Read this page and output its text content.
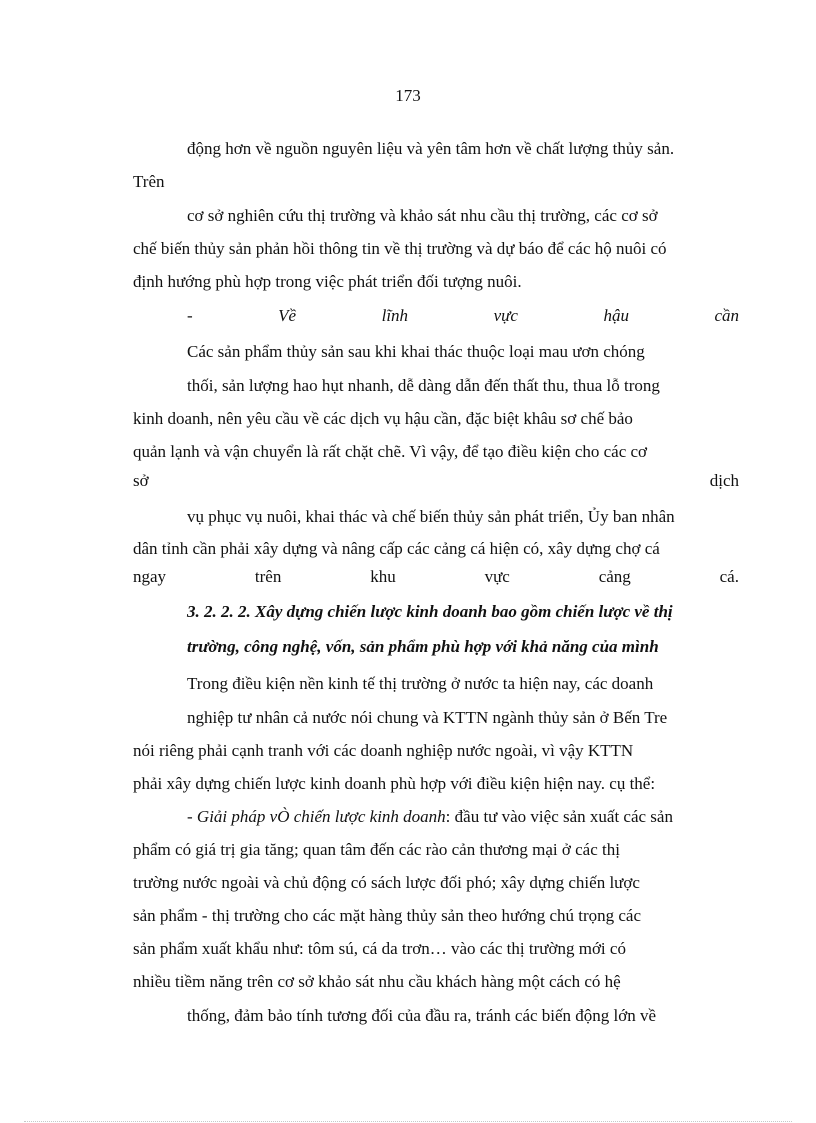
173
động hơn về nguồn nguyên liệu và yên tâm hơn về chất lượng thủy sản.
Trên
cơ sở nghiên cứu thị trường và khảo sát nhu cầu thị trường, các cơ sở
chế biến thủy sản phản hồi thông tin về thị trường và dự báo để các hộ nuôi có
định hướng phù hợp trong việc phát triển đối tượng nuôi.
-	Về	lĩnh	vực	hậu	cần
Các sản phẩm thủy sản sau khi khai thác thuộc loại mau ươn chóng
thối, sản lượng hao hụt nhanh, dễ dàng dẫn đến thất thu, thua lỗ trong
kinh doanh, nên yêu cầu về các dịch vụ hậu cần, đặc biệt khâu sơ chế bảo
quản lạnh và vận chuyển là rất chặt chẽ. Vì vậy, để tạo điều kiện cho các cơ
sở	dịch
vụ phục vụ nuôi, khai thác và chế biến thủy sản phát triển, Ủy ban nhân
dân tỉnh cần phải xây dựng và nâng cấp các cảng cá hiện có, xây dựng chợ cá
ngay	trên	khu	vực	cảng	cá.
3. 2. 2. 2. Xây dựng chiến lược kinh doanh bao gồm chiến lược về thị
trường, công nghệ, vốn, sản phẩm phù hợp với khả năng của mình
Trong điều kiện nền kinh tế thị trường ở nước ta hiện nay, các doanh
nghiệp tư nhân cả nước nói chung và KTTN ngành thủy sản ở Bến Tre
nói riêng phải cạnh tranh với các doanh nghiệp nước ngoài, vì vậy KTTN
phải xây dựng chiến lược kinh doanh phù hợp với điều kiện hiện nay. cụ thể:
- Giải pháp vÒ chiến lược kinh doanh: đầu tư vào việc sản xuất các sản
phẩm có giá trị gia tăng; quan tâm đến các rào cản thương mại ở các thị
trường nước ngoài và chủ động có sách lược đối phó; xây dựng chiến lược
sản phẩm - thị trường cho các mặt hàng thủy sản theo hướng chú trọng các
sản phẩm xuất khẩu như: tôm sú, cá da trơn… vào các thị trường mới có
nhiều tiềm năng trên cơ sở khảo sát nhu cầu khách hàng một cách có hệ
thống, đảm bảo tính tương đối của đầu ra, tránh các biến động lớn về
